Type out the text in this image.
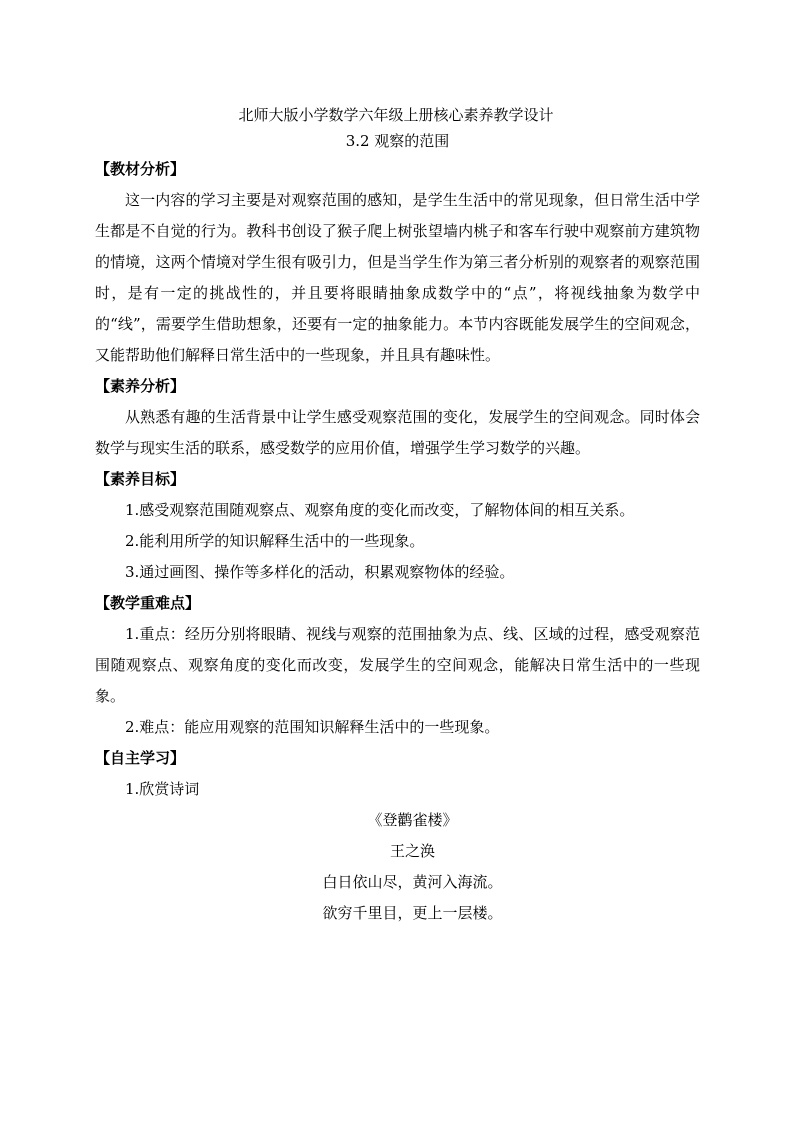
北师大版小学数学六年级上册核心素养教学设计

3.2 观察的范围

【教材分析】

这一内容的学习主要是对观察范围的感知，是学生生活中的常见现象，但日常生活中学生都是不自觉的行为。教科书创设了猴子爬上树张望墙内桃子和客车行驶中观察前方建筑物的情境，这两个情境对学生很有吸引力，但是当学生作为第三者分析别的观察者的观察范围时，是有一定的挑战性的，并且要将眼睛抽象成数学中的“点”，将视线抽象为数学中的“线”，需要学生借助想象，还要有一定的抽象能力。本节内容既能发展学生的空间观念，又能帮助他们解释日常生活中的一些现象，并且具有趣味性。

【素养分析】

从熟悉有趣的生活背景中让学生感受观察范围的变化，发展学生的空间观念。同时体会数学与现实生活的联系，感受数学的应用价值，增强学生学习数学的兴趣。

【素养目标】

1.感受观察范围随观察点、观察角度的变化而改变，了解物体间的相互关系。

2.能利用所学的知识解释生活中的一些现象。

3.通过画图、操作等多样化的活动，积累观察物体的经验。

【教学重难点】

1.重点：经历分别将眼睛、视线与观察的范围抽象为点、线、区域的过程，感受观察范围随观察点、观察角度的变化而改变，发展学生的空间观念，能解决日常生活中的一些现象。

2.难点：能应用观察的范围知识解释生活中的一些现象。

【自主学习】

1.欣赏诗词

《登鹳雀楼》

王之涣

白日依山尽，黄河入海流。

欲穷千里目，更上一层楼。
